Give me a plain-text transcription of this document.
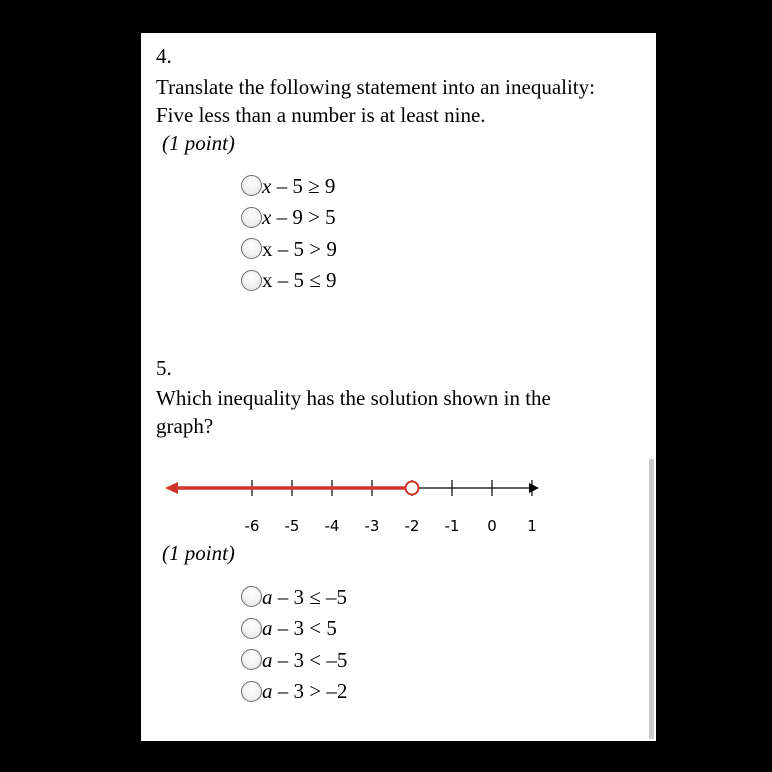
4.
Translate the following statement into an inequality:
Five less than a number is at least nine.
(1 point)
x – 5 ≥ 9
x – 9 > 5
x – 5 > 9
x – 5 ≤ 9
5.
Which inequality has the solution shown in the
graph?
-6 -5 -4 -3 -2 -1 0 1
(1 point)
a – 3 ≤ –5
a – 3 < 5
a – 3 < –5
a – 3 > –2
